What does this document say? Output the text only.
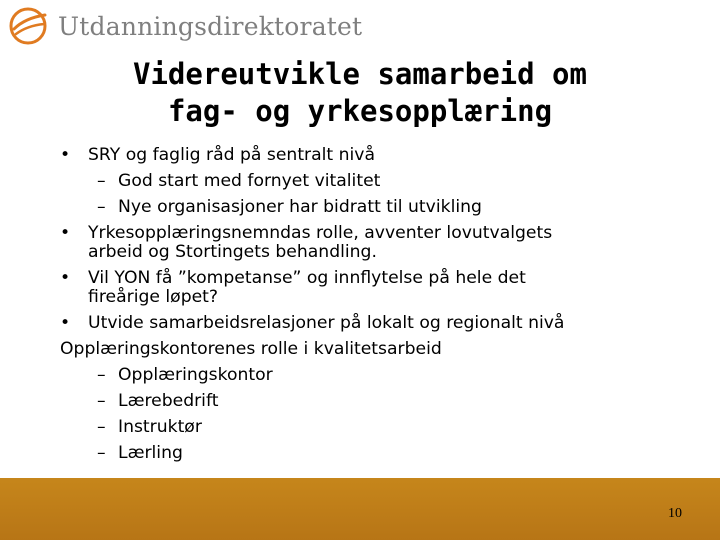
Utdanningsdirektoratet
Videreutvikle samarbeid om
fag- og yrkesopplæring
• SRY og faglig råd på sentralt nivå
– God start med fornyet vitalitet
– Nye organisasjoner har bidratt til utvikling
• Yrkesopplæringsnemndas rolle, avventer lovutvalgets
arbeid og Stortingets behandling.
• Vil YON få ”kompetanse” og innflytelse på hele det
fireårige løpet?
• Utvide samarbeidsrelasjoner på lokalt og regionalt nivå
Opplæringskontorenes rolle i kvalitetsarbeid
– Opplæringskontor
– Lærebedrift
– Instruktør
– Lærling
10
